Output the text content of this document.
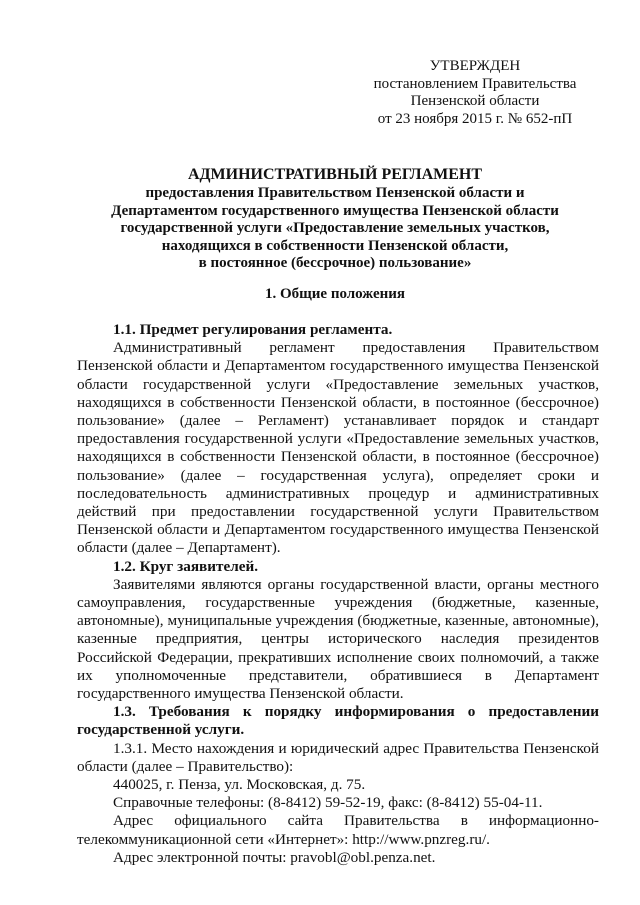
УТВЕРЖДЕН
постановлением Правительства
Пензенской области
от 23 ноября 2015 г. № 652-пП
АДМИНИСТРАТИВНЫЙ РЕГЛАМЕНТ
предоставления Правительством Пензенской области и
Департаментом государственного имущества Пензенской области
государственной услуги «Предоставление земельных участков,
находящихся в собственности Пензенской области,
в постоянное (бессрочное) пользование»
1. Общие положения

1.1. Предмет регулирования регламента.

Административный регламент предоставления Правительством Пензенской области и Департаментом государственного имущества Пензенской области государственной услуги «Предоставление земельных участков, находящихся в собственности Пензенской области, в постоянное (бессрочное) пользование» (далее – Регламент) устанавливает порядок и стандарт предоставления государственной услуги «Предоставление земельных участков, находящихся в собственности Пензенской области, в постоянное (бессрочное) пользование» (далее – государственная услуга), определяет сроки и последовательность административных процедур и административных действий при предоставлении государственной услуги Правительством Пензенской области и Департаментом государственного имущества Пензенской области (далее – Департамент).

1.2. Круг заявителей.

Заявителями являются органы государственной власти, органы местного самоуправления, государственные учреждения (бюджетные, казенные, автономные), муниципальные учреждения (бюджетные, казенные, автономные), казенные предприятия, центры исторического наследия президентов Российской Федерации, прекративших исполнение своих полномочий, а также их уполномоченные представители, обратившиеся в Департамент государственного имущества Пензенской области.

1.3. Требования к порядку информирования о предоставлении государственной услуги.

1.3.1. Место нахождения и юридический адрес Правительства Пензенской области (далее – Правительство):

440025, г. Пенза, ул. Московская, д. 75.

Справочные телефоны: (8-8412) 59-52-19, факс: (8-8412) 55-04-11.

Адрес официального сайта Правительства в информационно-телекоммуникационной сети «Интернет»: http://www.pnzreg.ru/.

Адрес электронной почты: pravobl@obl.penza.net.
